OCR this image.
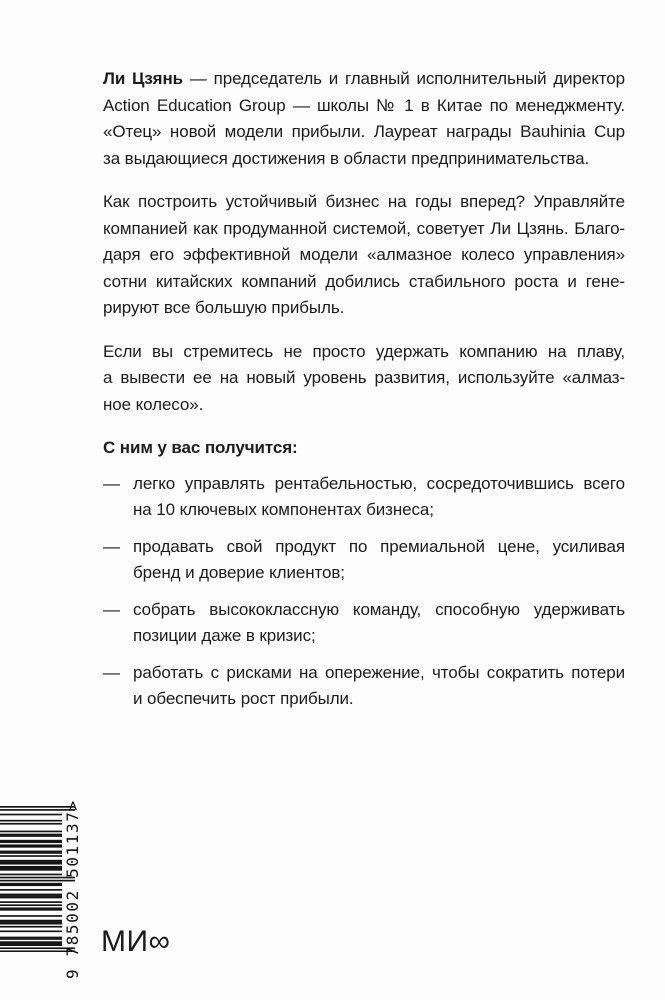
Ли Цзянь — председатель и главный исполнительный директор
Action Education Group — школы № 1 в Китае по менеджменту.
«Отец» новой модели прибыли. Лауреат награды Bauhinia Cup
за выдающиеся достижения в области предпринимательства.

Как построить устойчивый бизнес на годы вперед? Управляйте
компанией как продуманной системой, советует Ли Цзянь. Благо-
даря его эффективной модели «алмазное колесо управления»
сотни китайских компаний добились стабильного роста и гене-
рируют все большую прибыль.

Если вы стремитесь не просто удержать компанию на плаву,
а вывести ее на новый уровень развития, используйте «алмаз-
ное колесо».

С ним у вас получится:
— легко управлять рентабельностью, сосредоточившись всего
на 10 ключевых компонентах бизнеса;
— продавать свой продукт по премиальной цене, усиливая
бренд и доверие клиентов;
— собрать высококлассную команду, способную удерживать
позиции даже в кризис;
— работать с рисками на опережение, чтобы сократить потери
и обеспечить рост прибыли.
9 785002 501137> МИ∞
